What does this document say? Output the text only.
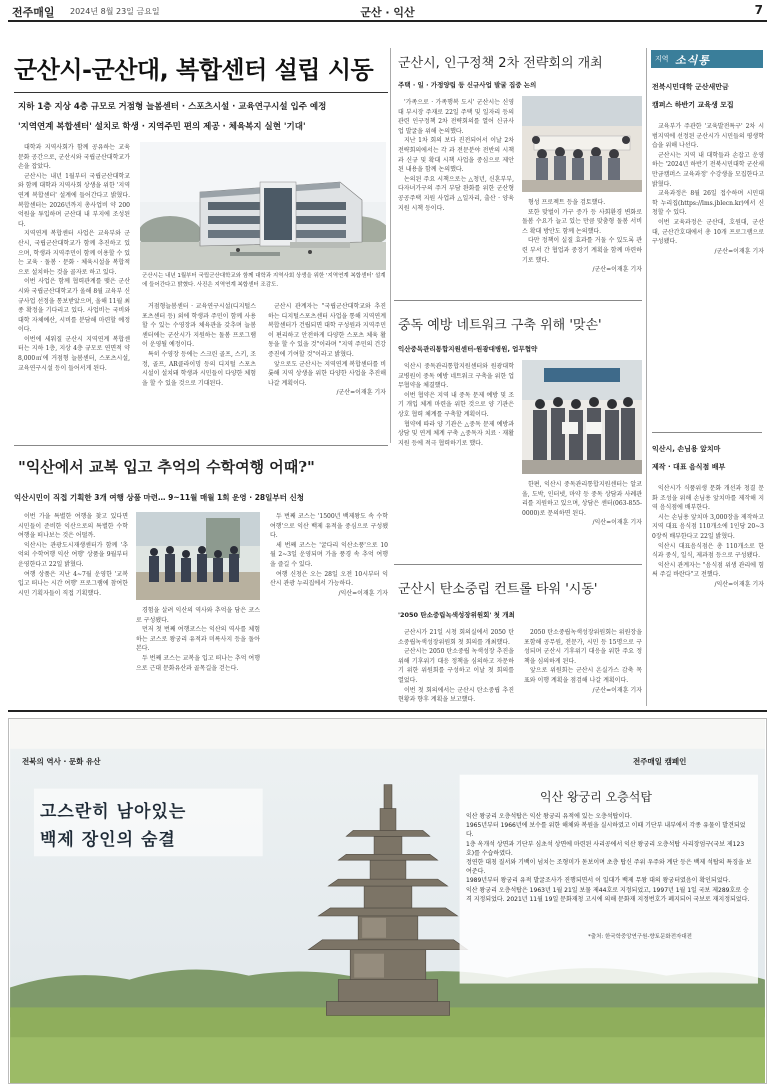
전주매일 2024년 8월 23일 금요일	군산 · 익산	7
군산시-군산대, 복합센터 설립 시동
지하 1층 지상 4층 규모로 거점형 늘봄센터 · 스포츠시설 · 교육연구시설 입주 예정
'지역연계 복합센터' 설치로 학생 · 지역주민 편의 제공 · 체육복지 실현 '기대'

대학과 지역사회가 함께 공유하는 교육문화 공간으로, 군산시와 국립군산대학교가 손을 잡았다.

군산시는 내년 1월부터 국립군산대학교와 함께 대학과 지역사회 상생을 위한 '지역연계 복합센터' 설계에 들어간다고 밝혔다. 복합센터는 2026년까지 총사업비 약 200억원을 투입하며 군산대 내 부지에 조성된다.

지역연계 복합센터 사업은 교육부와 군산시, 국립군산대학교가 함께 추진하고 있으며, 학생과 지역주민이 함께 이용할 수 있는 교육 · 돌봄 · 문화 · 체육시설을 복합적으로 설치하는 것을 골자로 하고 있다.

이번 사업은 함께 협력관계를 맺은 군산시와 국립군산대학교가 올해 8월 교육부 신규사업 선정을 통보받았으며, 올해 11월 최종 확정을 기다리고 있다. 사업비는 국비와 대학 자체예산, 시비를 분담해 마련할 예정이다.

이번에 세워질 군산시 지역연계 복합센터는 지하 1층, 지상 4층 규모로 연면적 약 8,000㎡에 거점형 늘봄센터, 스포츠시설, 교육연구시설 등이 들어서게 된다.

군산시는 내년 1월부터 국립군산대학교와 함께 대학과 지역사회 상생을 위한 '지역연계 복합센터' 설계에 들어간다고 밝혔다. 사진은 지역연계 복합센터 조감도.

거점형늘봄센터 · 교육연구시설(디지털스포츠센터 등) 외에 학생과 주민이 함께 사용할 수 있는 수영장과 체육관을 갖추며 늘봄센터에는 군산시가 지원하는 돌봄 프로그램이 운영될 예정이다.

특히 수영장 등에는 스크린 골프, 스키, 조정, 골프, AR클라이밍 등의 디지털 스포츠 시설이 설치돼 학생과 시민들이 다양한 체험을 할 수 있을 것으로 기대된다.

군산시 관계자는 "국립군산대학교와 추진하는 디지털스포츠센터 사업을 통해 지역연계 복합센터가 건립되면 대학 구성원과 지역주민이 편리하고 안전하게 다양한 스포츠 체육 활동을 할 수 있을 것"이라며 "지역 주민의 건강 증진에 기여할 것"이라고 밝혔다.

앞으로도 군산시는 지역연계 복합센터를 비롯해 지역 상생을 위한 다양한 사업을 추진해 나갈 계획이다.

/군산=이재훈 기자
군산시, 인구정책 2차 전략회의 개최
주택 · 일 · 가정양립 등 신규사업 발굴 집중 논의

'가족으로 · 가족행복 도시' 군산시는 신영대 부시장 주재로 22일 주택 및 일자리 등의 관련 인구정책 2차 전략회의를 열어 신규사업 발굴을 위해 논의했다.

지난 1차 회의 보다 진전되어서 이날 2차 전략회의에서는 각 과 전문분야 전반의 시책과 신규 및 확대 시책 사업을 중심으로 제안된 내용을 함께 논의했다.

논의된 주요 시책으로는 △청년, 신혼부부, 다자녀가구의 주거 부담 완화를 위한 군산형 공공주택 지원 사업과 △일자리, 출산 · 양육 지원 시책 등이다.

형성 프로젝트 등을 검토했다.

또한 맞벌이 가구 증가 등 사회환경 변화로 돌봄 수요가 늘고 있는 만큼 맞춤형 돌봄 서비스 확대 방안도 함께 논의했다.

다만 정책이 실질 효과를 거둘 수 있도록 관련 부서 간 협업과 중장기 계획을 함께 마련하기로 했다.

/군산=이재훈 기자
중독 예방 네트워크 구축 위해 '맞손'
익산중독관리통합지원센터-원광대병원, 업무협약

익산시 중독관리통합지원센터와 원광대학교병원이 중독 예방 네트워크 구축을 위한 업무협약을 체결했다.

이번 협약은 지역 내 중독 문제 예방 및 조기 개입 체계 마련을 위한 것으로 양 기관은 상호 협력 체계를 구축할 계획이다.

협약에 따라 양 기관은 △중독 문제 예방과 상담 및 연계 체계 구축 △중독자 치료 · 재활 지원 등에 적극 협력하기로 했다.

한편, 익산시 중독관리통합지원센터는 알코올, 도박, 인터넷, 마약 등 중독 상담과 사례관리를 지원하고 있으며, 상담은 센터(063-855-0000)로 문의하면 된다.

/익산=이재훈 기자
군산시 탄소중립 컨트롤 타워 '시동'
'2050 탄소중립녹색성장위원회' 첫 개최

군산시가 21일 시청 회의실에서 2050 탄소중립녹색성장위원회 첫 회의를 개최했다.

군산시는 2050 탄소중립 녹색성장 추진을 위해 기후위기 대응 정책을 심의하고 자문하기 위한 위원회를 구성하고 이날 첫 회의를 열었다.

이번 첫 회의에서는 군산시 탄소중립 추진 현황과 향후 계획을 보고했다.

2050 탄소중립녹색성장위원회는 위원장을 포함해 공무원, 전문가, 시민 등 15명으로 구성되며 군산시 기후위기 대응을 위한 주요 정책을 심의하게 된다.

앞으로 위원회는 군산시 온실가스 감축 목표와 이행 계획을 점검해 나갈 계획이다.

/군산=이재훈 기자
"익산에서 교복 입고 추억의 수학여행 어때?"
익산시민이 직접 기획한 3개 여행 상품 마련… 9~11월 매월 1회 운영 · 28일부터 신청

이번 가을 특별한 여행을 찾고 있다면 시민들이 준비한 익산으로의 특별한 수학여행을 떠나보는 것은 어떨까.

익산시는 관광도시재생센터가 함께 '추억의 수학여행 익산 여행' 상품을 9월부터 운영한다고 22일 밝혔다.

여행 상품은 지난 4~7월 운영한 '교복 입고 떠나는 시간 여행' 프로그램에 참여한 시민 기획자들이 직접 기획했다.

경험을 살려 익산의 역사와 추억을 담은 코스로 구성됐다.

먼저 첫 번째 여행코스는 익산의 역사를 체험하는 코스로 왕궁리 유적과 미륵사지 등을 돌아본다.

두 번째 코스는 교복을 입고 떠나는 추억 여행으로 근대 문화유산과 골목길을 걷는다.

두 번째 코스는 '1500년 백제왕도 속 수학여행'으로 익산 백제 유적을 중심으로 구성됐다.

세 번째 코스는 '굴다리 익산소풍'으로 10월 2~3일 운영되며 가을 풍경 속 추억 여행을 즐길 수 있다.

여행 신청은 오는 28일 오전 10시부터 익산시 관광 누리집에서 가능하다.

/익산=이재훈 기자
지역 소식통
전북시민대학 군산새만금
캠퍼스 하반기 교육생 모집

교육부가 주관한 '교육발전특구' 2차 시범지역에 선정된 군산시가 시민들의 평생학습을 위해 나선다.

군산시는 지역 내 대학들과 손잡고 운영하는 '2024년 하반기 전북시민대학 군산새만금캠퍼스 교육과정' 수강생을 모집한다고 밝혔다.

교육과정은 8월 26일 접수하며 시민대학 누리집(https://lms.jblecn.kr)에서 신청할 수 있다.

이번 교육과정은 군산대, 호원대, 군산대, 군산간호대에서 총 10개 프로그램으로 구성됐다.

/군산=이재훈 기자
익산시, 손님용 앞치마
제작 · 대표 음식점 배부

익산시가 식품위생 문화 개선과 청결 문화 조성을 위해 손님용 앞치마를 제작해 지역 음식점에 배부한다.

시는 손님용 앞치마 3,000장을 제작하고 지역 대표 음식점 110개소에 1인당 20~30장씩 배부한다고 22일 밝혔다.

익산시 대표음식점은 총 110개소로 한식과 중식, 일식, 제과점 등으로 구성됐다.

익산시 관계자는 "음식점 위생 관리에 힘써 주길 바란다"고 전했다.

/익산=이재훈 기자
전북의 역사 · 문화 유산	전주매일 캠페인
고스란히 남아있는
백제 장인의 숨결
익산 왕궁리 오층석탑

익산 왕궁리 오층석탑은 익산 왕궁리 유적에 있는 오층석탑이다.

1965년부터 1966년에 보수를 위한 해체와 복원을 실시하였고 이때 기단부 내부에서 각종 유물이 발견되었다.

1층 옥개석 상면과 기단부 심초석 상면에 마련된 사리공에서 익산 왕궁리 오층석탑 사리장엄구(국보 제123호)를 수습하였다.

정연한 대칭 질서와 기백이 넘치는 조형미가 돋보이며 초층 탑신 주위 우주와 계단 등은 백제 석탑의 특징을 보여준다.

1989년부터 왕궁리 유적 발굴조사가 진행되면서 이 일대가 백제 무왕 대의 왕궁터였음이 확인되었다.

익산 왕궁리 오층석탑은 1963년 1월 21일 보물 제44호로 지정되었고, 1997년 1월 1일 국보 제289호로 승격 지정되었다. 2021년 11월 19일 문화재청 고시에 의해 문화재 지정번호가 폐지되어 국보로 재지정되었다.

*출처: 한국학중앙연구원-향토문화전자대전
